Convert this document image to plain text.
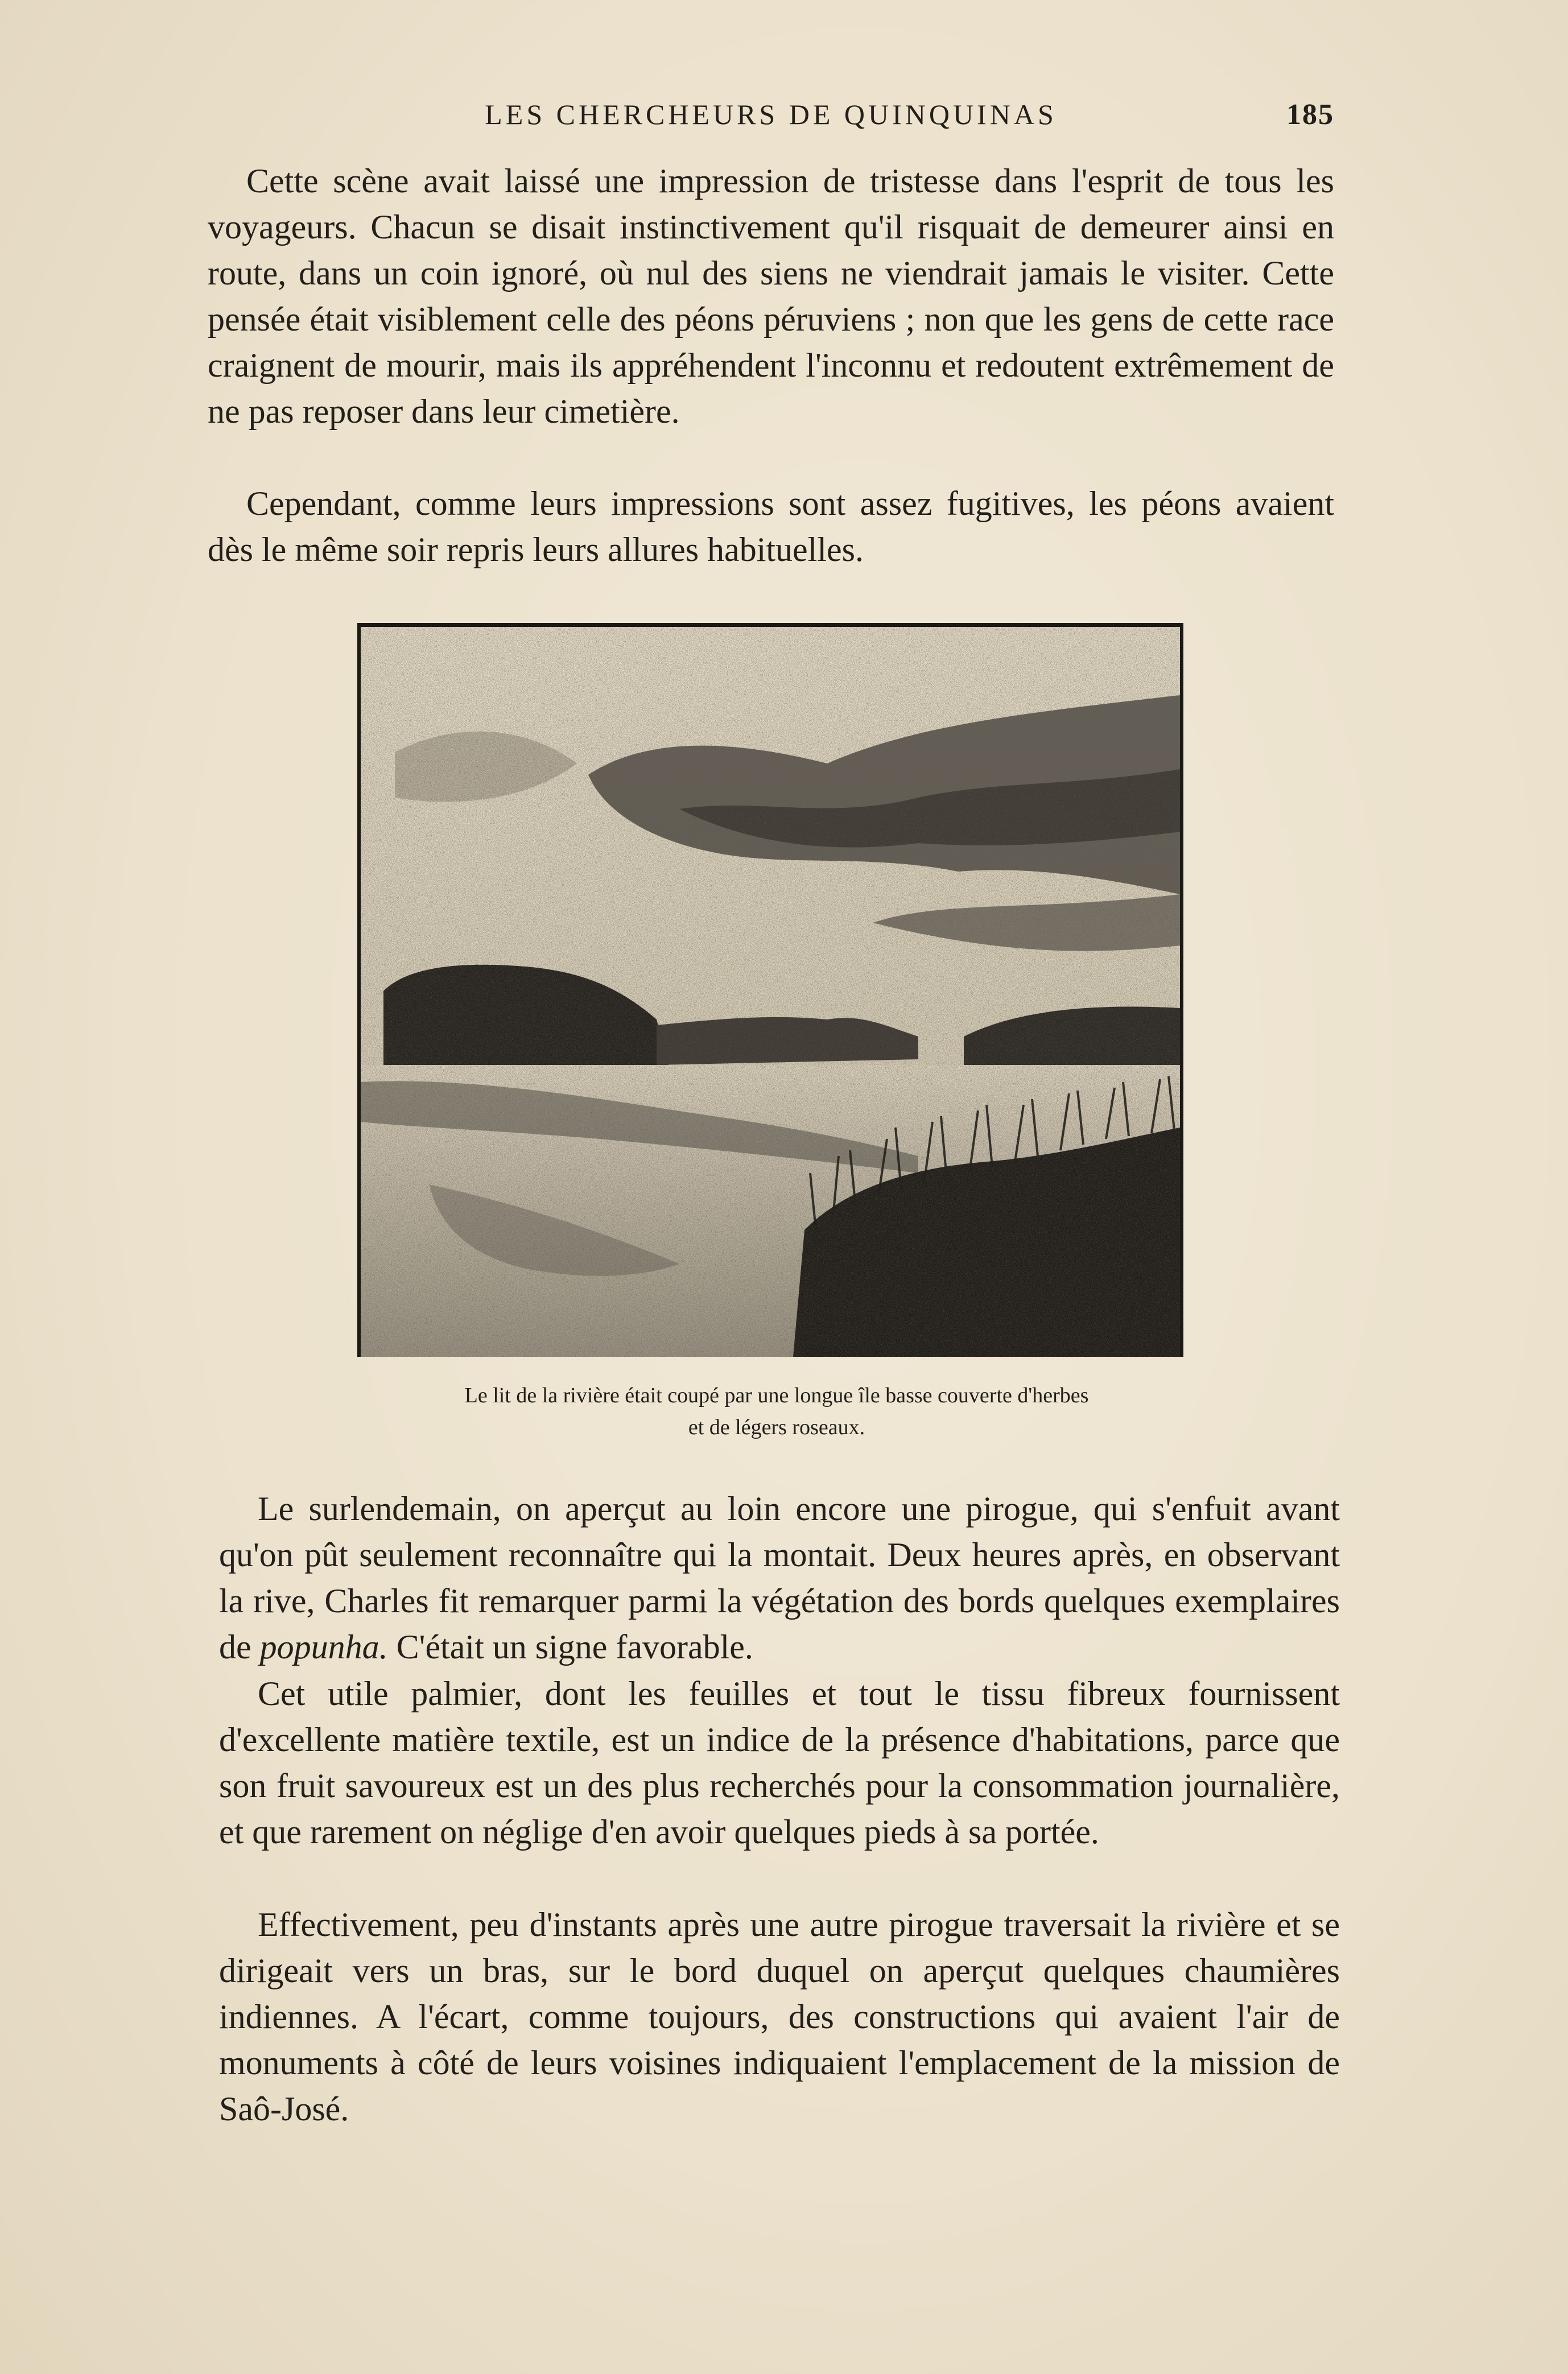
LES CHERCHEURS DE QUINQUINAS	185

Cette scène avait laissé une impression de tristesse dans l'esprit de tous les voyageurs. Chacun se disait instinctivement qu'il risquait de demeurer ainsi en route, dans un coin ignoré, où nul des siens ne viendrait jamais le visiter. Cette pensée était visiblement celle des péons péruviens ; non que les gens de cette race craignent de mourir, mais ils appréhendent l'inconnu et redoutent extrêmement de ne pas reposer dans leur cimetière.

Cependant, comme leurs impressions sont assez fugitives, les péons avaient dès le même soir repris leurs allures habituelles.

Le lit de la rivière était coupé par une longue île basse couverte d'herbes
et de légers roseaux.

Le surlendemain, on aperçut au loin encore une pirogue, qui s'enfuit avant qu'on pût seulement reconnaître qui la montait. Deux heures après, en observant la rive, Charles fit remarquer parmi la végétation des bords quelques exemplaires de popunha. C'était un signe favorable.

Cet utile palmier, dont les feuilles et tout le tissu fibreux fournissent d'excellente matière textile, est un indice de la présence d'habitations, parce que son fruit savoureux est un des plus recherchés pour la consommation journalière, et que rarement on néglige d'en avoir quelques pieds à sa portée.

Effectivement, peu d'instants après une autre pirogue traversait la rivière et se dirigeait vers un bras, sur le bord duquel on aperçut quelques chaumières indiennes. A l'écart, comme toujours, des constructions qui avaient l'air de monuments à côté de leurs voisines indiquaient l'emplacement de la mission de Saô-José.
